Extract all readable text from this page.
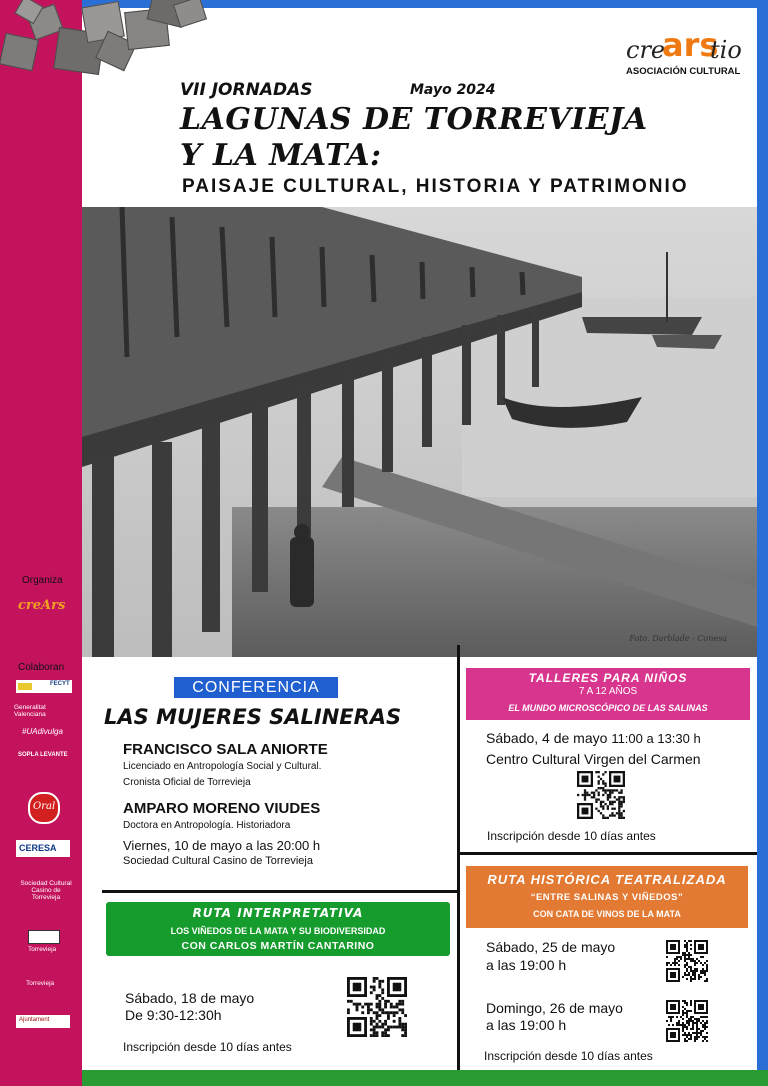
VII JORNADAS	Mayo 2024
LAGUNAS DE TORREVIEJA
Y LA MATA:
PAISAJE CULTURAL, HISTORIA Y PATRIMONIO
cre
ars
tio
ASOCIACIÓN CULTURAL
Foto. Darblade - Conesa
Organiza
creArs
Colaboran
FECYT
Generalitat Valenciana
#UAdivulga
SOPLA LEVANTE
Oral
CERESA
Sociedad Cultural Casino de Torrevieja
Torrevieja
Torrevieja
Ajuntament
CONFERENCIA
LAS MUJERES SALINERAS
FRANCISCO SALA ANIORTE
Licenciado en Antropología Social y Cultural.
Cronista Oficial de Torrevieja
AMPARO MORENO VIUDES
Doctora en Antropología. Historiadora
Viernes, 10 de mayo a las 20:00 h
Sociedad Cultural Casino de Torrevieja
RUTA INTERPRETATIVA
LOS VIÑEDOS DE LA MATA Y SU BIODIVERSIDAD
CON CARLOS MARTÍN CANTARINO
Sábado, 18 de mayo
De 9:30-12:30h
Inscripción desde 10 días antes
TALLERES PARA NIÑOS
7 A 12 AÑOS
EL MUNDO MICROSCÓPICO DE LAS SALINAS
Sábado, 4 de mayo 11:00 a 13:30 h
Centro Cultural Virgen del Carmen
Inscripción desde 10 días antes
RUTA HISTÓRICA TEATRALIZADA
“ENTRE SALINAS Y VIÑEDOS”
CON CATA DE VINOS DE LA MATA
Sábado, 25 de mayo
a las 19:00 h
Domingo, 26 de mayo
a las 19:00 h
Inscripción desde 10 días antes
